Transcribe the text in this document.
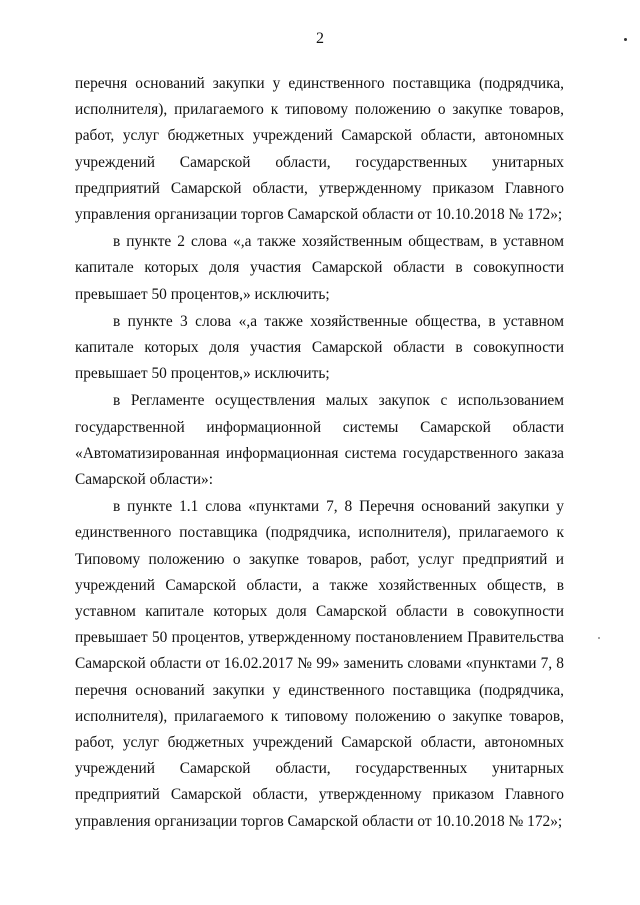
2

перечня оснований закупки у единственного поставщика (подрядчика, исполнителя), прилагаемого к типовому положению о закупке товаров, работ, услуг бюджетных учреждений Самарской области, автономных учреждений Самарской области, государственных унитарных предприятий Самарской области, утвержденному приказом Главного управления организации торгов Самарской области от 10.10.2018 № 172»;

в пункте 2 слова «,а также хозяйственным обществам, в уставном капитале которых доля участия Самарской области в совокупности превышает 50 процентов,» исключить;

в пункте 3 слова «,а также хозяйственные общества, в уставном капитале которых доля участия Самарской области в совокупности превышает 50 процентов,» исключить;

в Регламенте осуществления малых закупок с использованием государственной информационной системы Самарской области «Автоматизированная информационная система государственного заказа Самарской области»:

в пункте 1.1 слова «пунктами 7, 8 Перечня оснований закупки у единственного поставщика (подрядчика, исполнителя), прилагаемого к Типовому положению о закупке товаров, работ, услуг предприятий и учреждений Самарской области, а также хозяйственных обществ, в уставном капитале которых доля Самарской области в совокупности превышает 50 процентов, утвержденному постановлением Правительства Самарской области от 16.02.2017 № 99» заменить словами «пунктами 7, 8 перечня оснований закупки у единственного поставщика (подрядчика, исполнителя), прилагаемого к типовому положению о закупке товаров, работ, услуг бюджетных учреждений Самарской области, автономных учреждений Самарской области, государственных унитарных предприятий Самарской области, утвержденному приказом Главного управления организации торгов Самарской области от 10.10.2018 № 172»;
